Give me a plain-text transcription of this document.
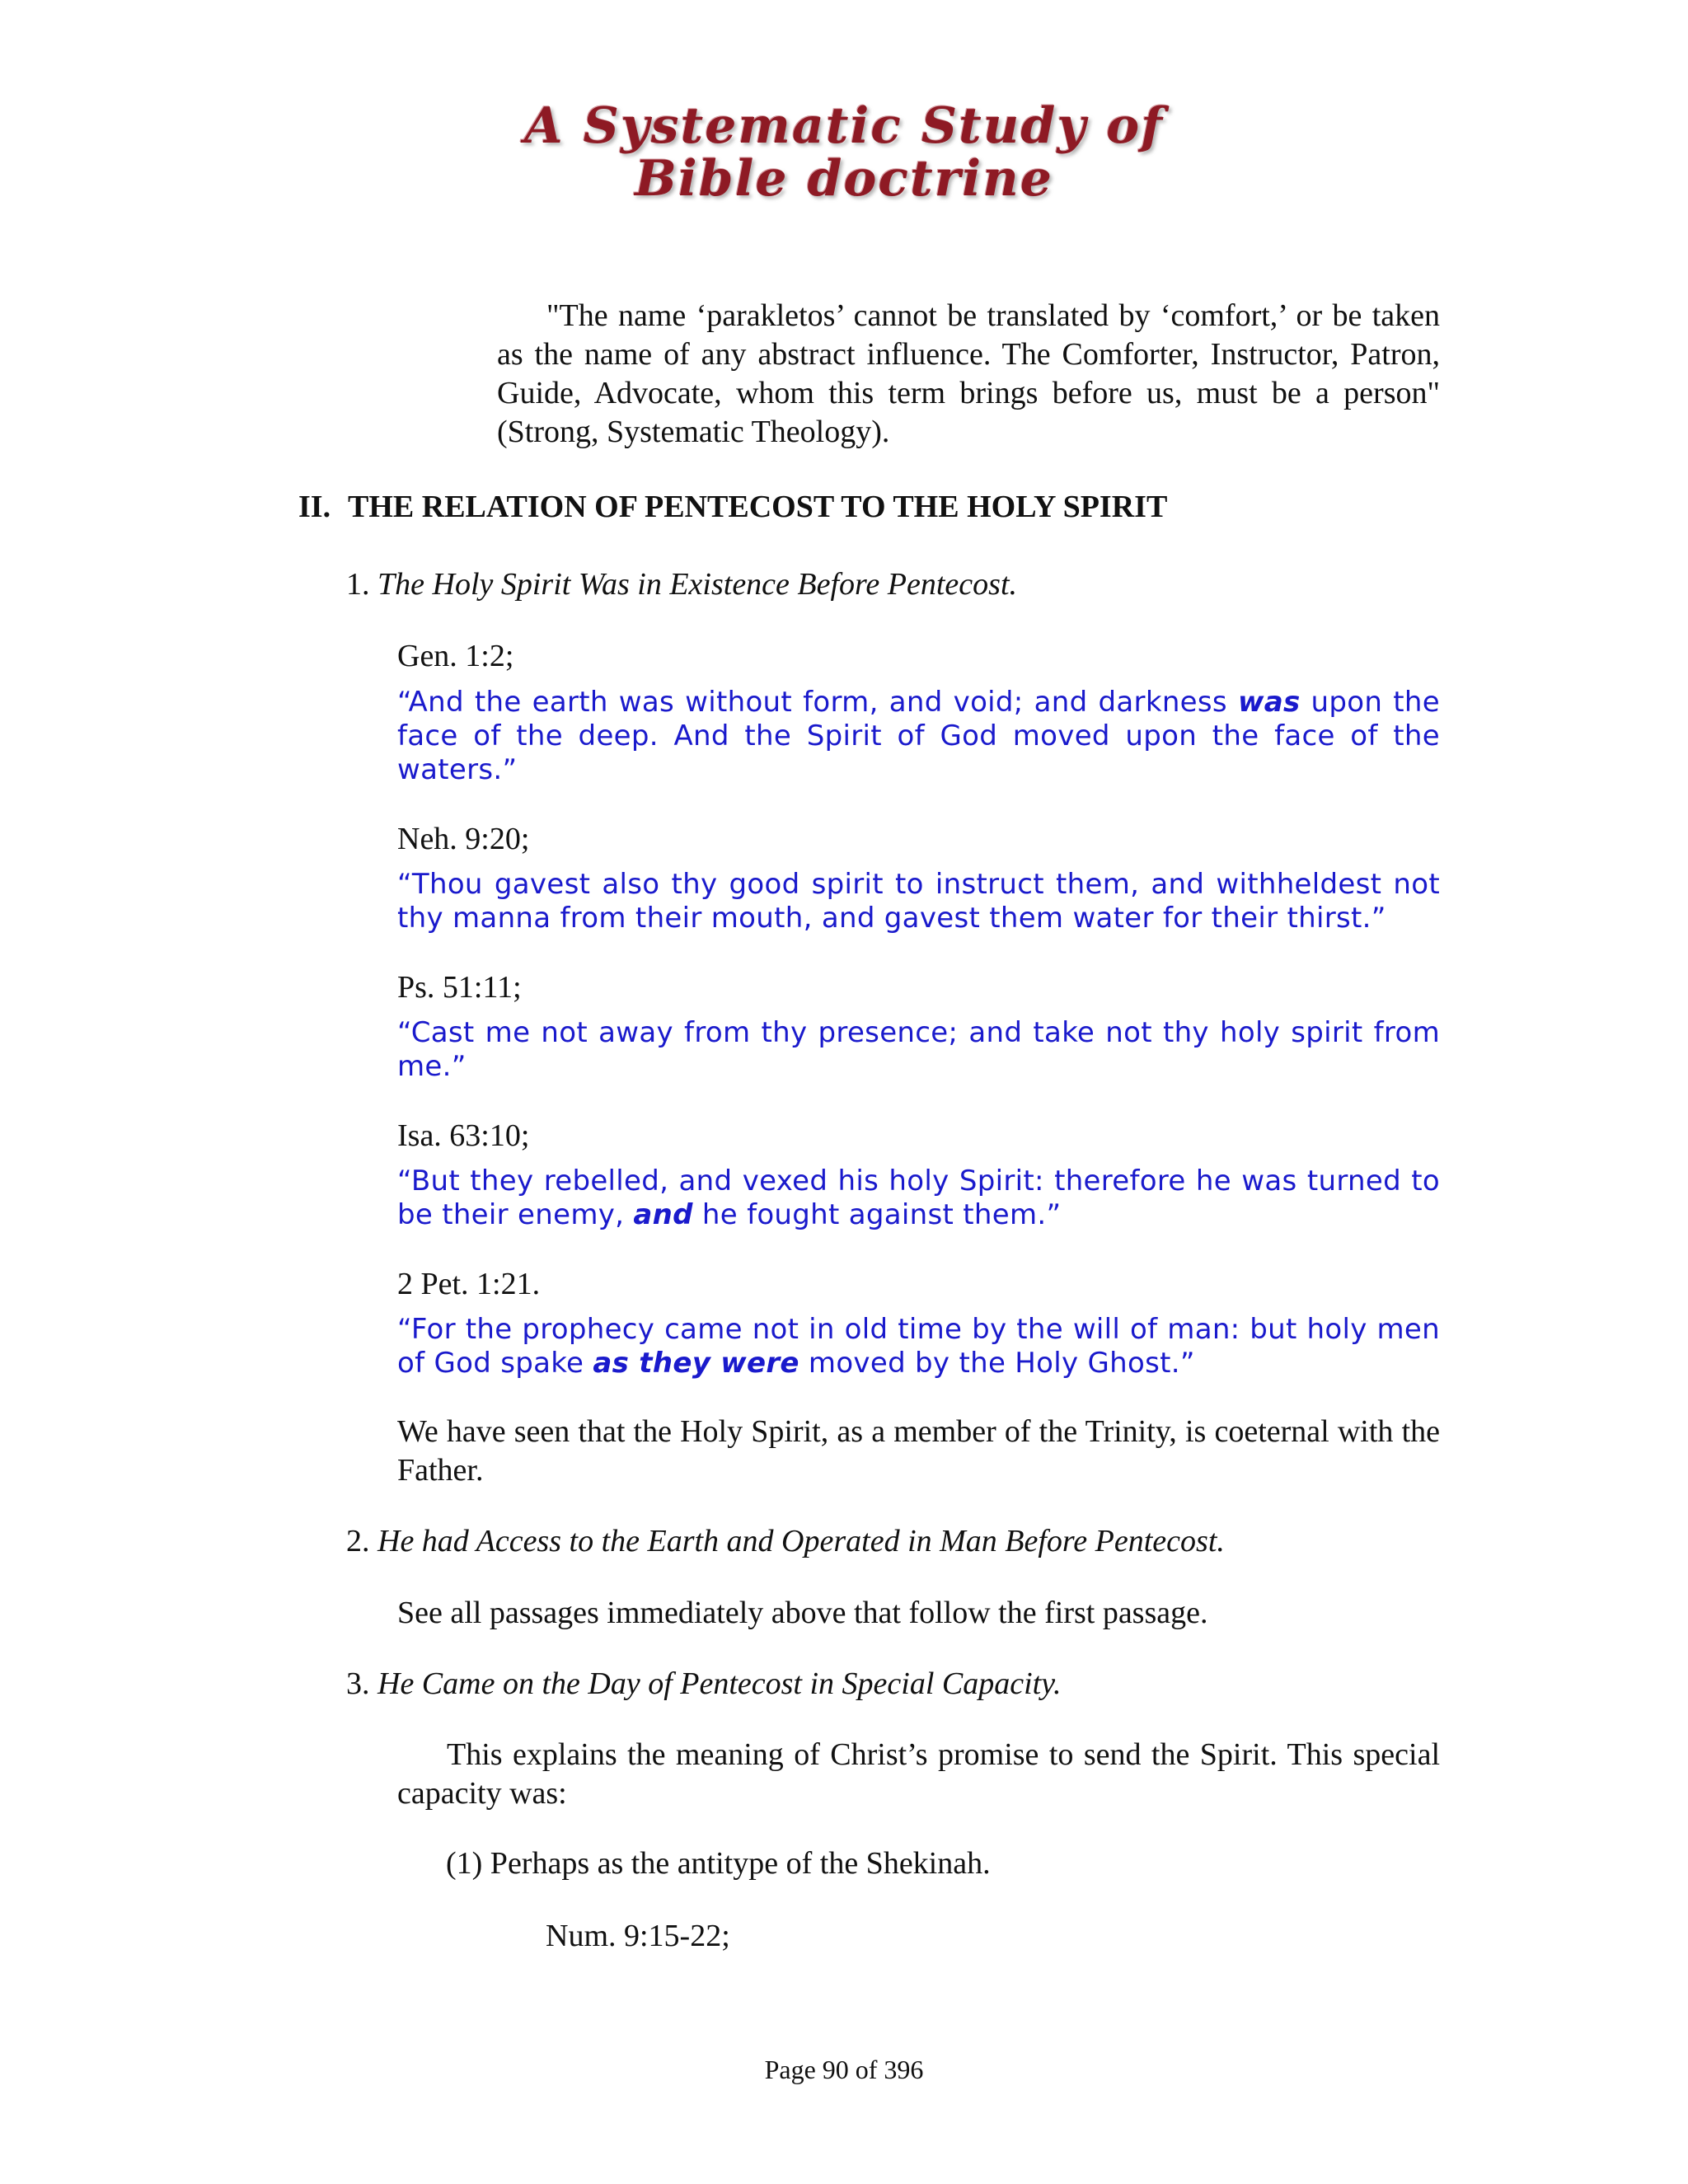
A Systematic Study of
Bible doctrine
"The name ‘parakletos’ cannot be translated by ‘comfort,’ or be taken as the name of any abstract influence. The Comforter, Instructor, Patron, Guide, Advocate, whom this term brings before us, must be a person" (Strong, Systematic Theology).
II. THE RELATION OF PENTECOST TO THE HOLY SPIRIT
1. The Holy Spirit Was in Existence Before Pentecost.
Gen. 1:2;
“And the earth was without form, and void; and darkness was upon the face of the deep. And the Spirit of God moved upon the face of the waters.”
Neh. 9:20;
“Thou gavest also thy good spirit to instruct them, and withheldest not thy manna from their mouth, and gavest them water for their thirst.”
Ps. 51:11;
“Cast me not away from thy presence; and take not thy holy spirit from me.”
Isa. 63:10;
“But they rebelled, and vexed his holy Spirit: therefore he was turned to be their enemy, and he fought against them.”
2 Pet. 1:21.
“For the prophecy came not in old time by the will of man: but holy men of God spake as they were moved by the Holy Ghost.”
We have seen that the Holy Spirit, as a member of the Trinity, is coeternal with the Father.
2. He had Access to the Earth and Operated in Man Before Pentecost.
See all passages immediately above that follow the first passage.
3. He Came on the Day of Pentecost in Special Capacity.
This explains the meaning of Christ’s promise to send the Spirit. This special capacity was:
(1) Perhaps as the antitype of the Shekinah.
Num. 9:15-22;
Page 90 of 396
